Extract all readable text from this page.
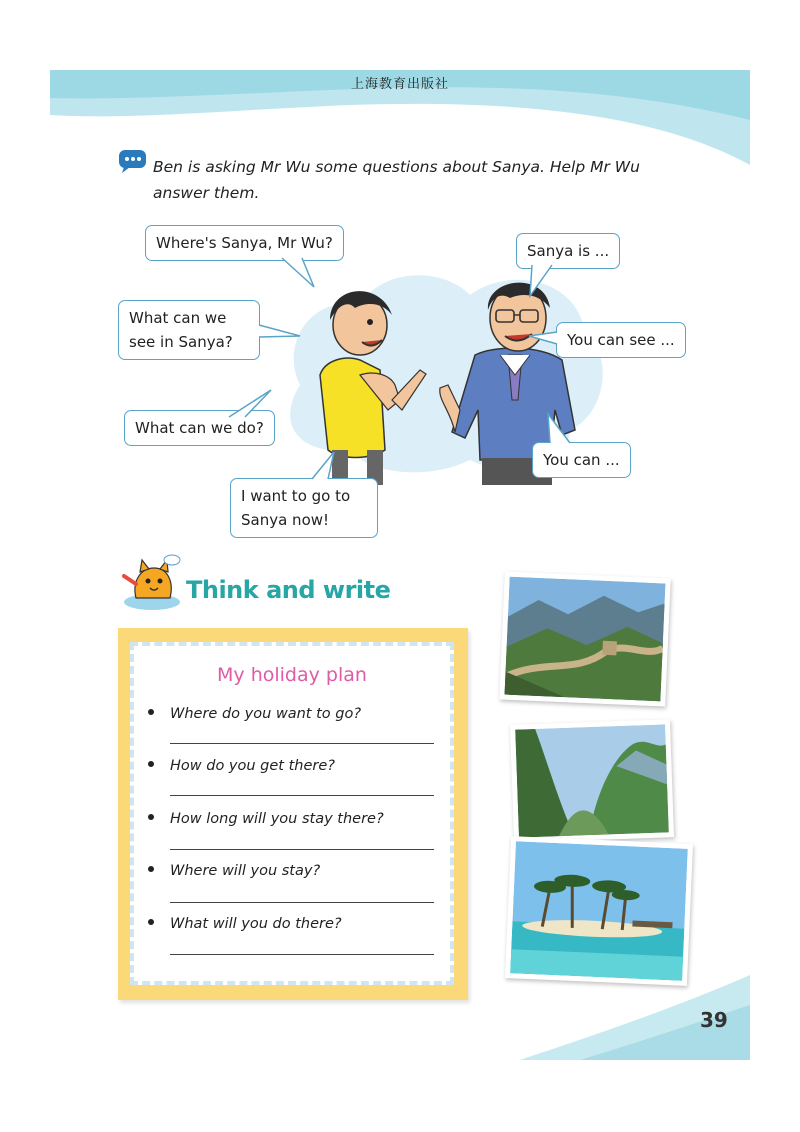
上海教育出版社
Ben is asking Mr Wu some questions about Sanya. Help Mr Wu answer them.
Where's Sanya, Mr Wu?
What can we see in Sanya?
What can we do?
I want to go to Sanya now!
Sanya is ...
You can see ...
You can ...
Think and write
My holiday plan
Where do you want to go?
How do you get there?
How long will you stay there?
Where will you stay?
What will you do there?
39
